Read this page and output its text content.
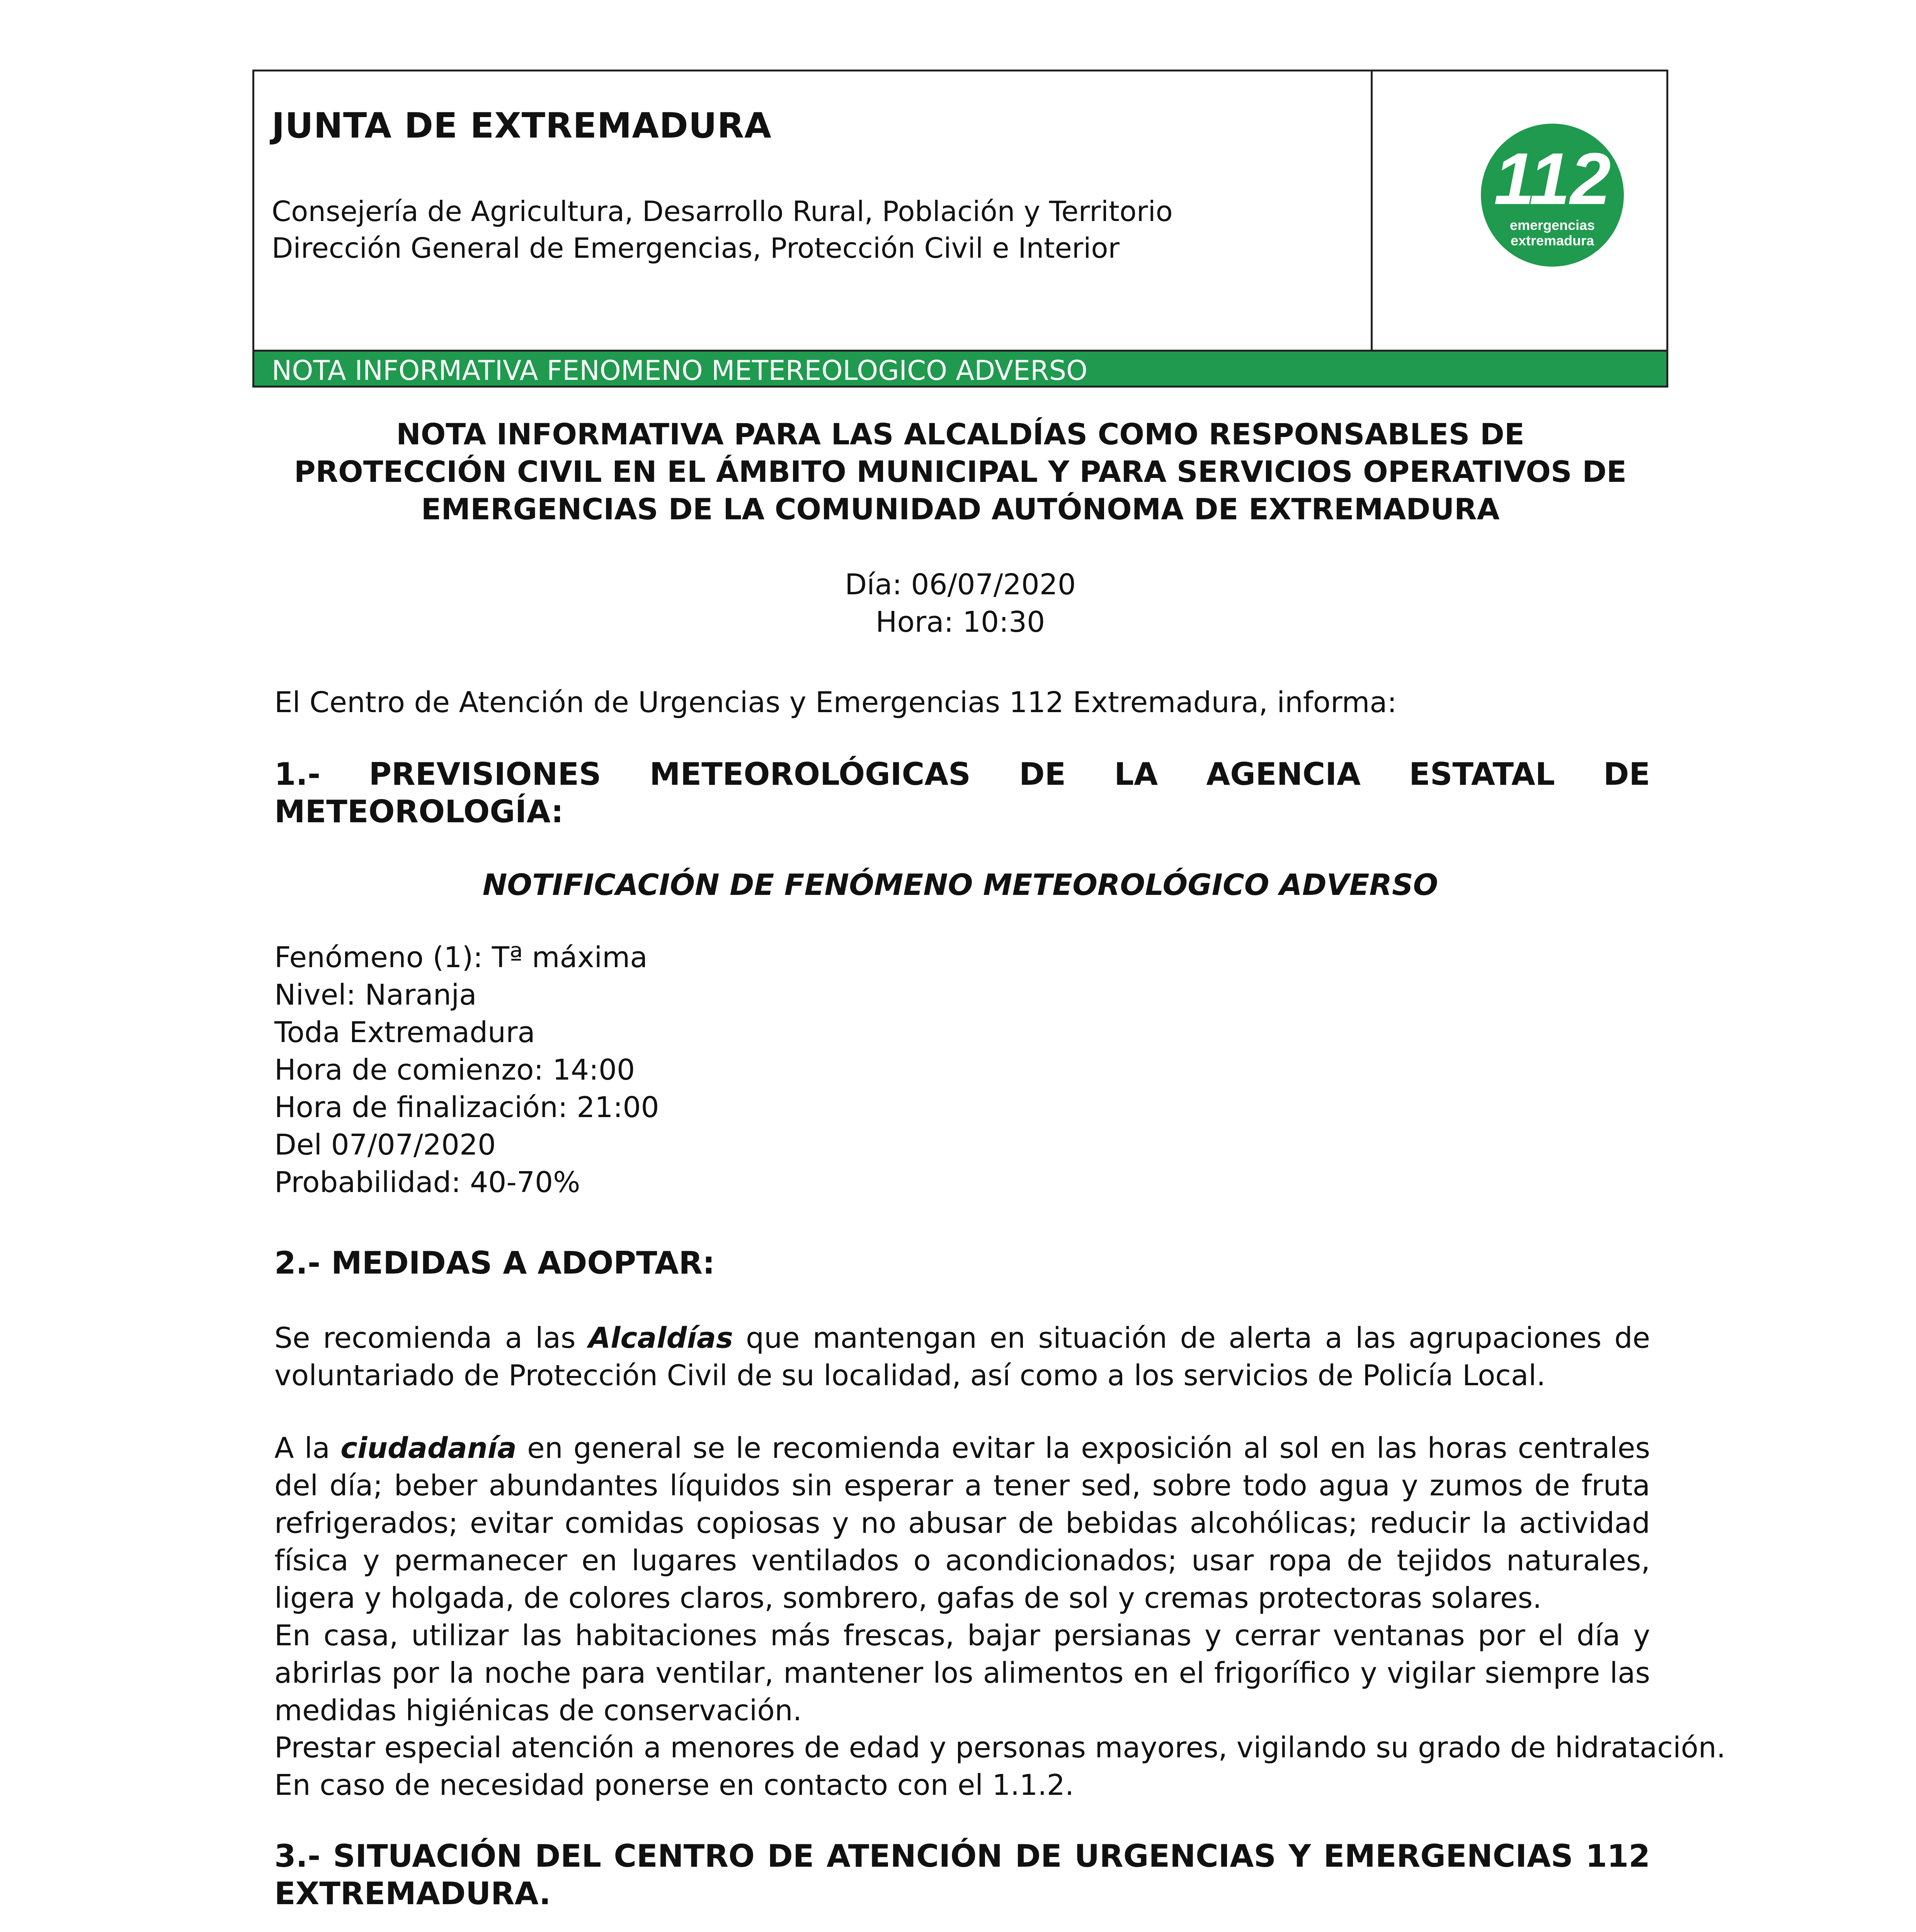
JUNTA DE EXTREMADURA
Consejería de Agricultura, Desarrollo Rural, Población y Territorio
Dirección General de Emergencias, Protección Civil e Interior
112
emergencias
extremadura
NOTA INFORMATIVA FENOMENO METEREOLOGICO ADVERSO
NOTA INFORMATIVA PARA LAS ALCALDÍAS COMO RESPONSABLES DE
PROTECCIÓN CIVIL EN EL ÁMBITO MUNICIPAL Y PARA SERVICIOS OPERATIVOS DE
EMERGENCIAS DE LA COMUNIDAD AUTÓNOMA DE EXTREMADURA
Día: 06/07/2020
Hora: 10:30
El Centro de Atención de Urgencias y Emergencias 112 Extremadura, informa:
1.- PREVISIONES METEOROLÓGICAS DE LA AGENCIA ESTATAL DE
METEOROLOGÍA:
NOTIFICACIÓN DE FENÓMENO METEOROLÓGICO ADVERSO
Fenómeno (1): Tª máxima
Nivel: Naranja
Toda Extremadura
Hora de comienzo: 14:00
Hora de finalización: 21:00
Del 07/07/2020
Probabilidad: 40-70%
2.- MEDIDAS A ADOPTAR:
Se recomienda a las Alcaldías que mantengan en situación de alerta a las agrupaciones de voluntariado de Protección Civil de su localidad, así como a los servicios de Policía Local.
A la ciudadanía en general se le recomienda evitar la exposición al sol en las horas centrales del día; beber abundantes líquidos sin esperar a tener sed, sobre todo agua y zumos de fruta refrigerados; evitar comidas copiosas y no abusar de bebidas alcohólicas; reducir la actividad física y permanecer en lugares ventilados o acondicionados; usar ropa de tejidos naturales, ligera y holgada, de colores claros, sombrero, gafas de sol y cremas protectoras solares.
En casa, utilizar las habitaciones más frescas, bajar persianas y cerrar ventanas por el día y abrirlas por la noche para ventilar, mantener los alimentos en el frigorífico y vigilar siempre las medidas higiénicas de conservación.
Prestar especial atención a menores de edad y personas mayores, vigilando su grado de hidratación.
En caso de necesidad ponerse en contacto con el 1.1.2.
3.- SITUACIÓN DEL CENTRO DE ATENCIÓN DE URGENCIAS Y EMERGENCIAS 112
EXTREMADURA.
